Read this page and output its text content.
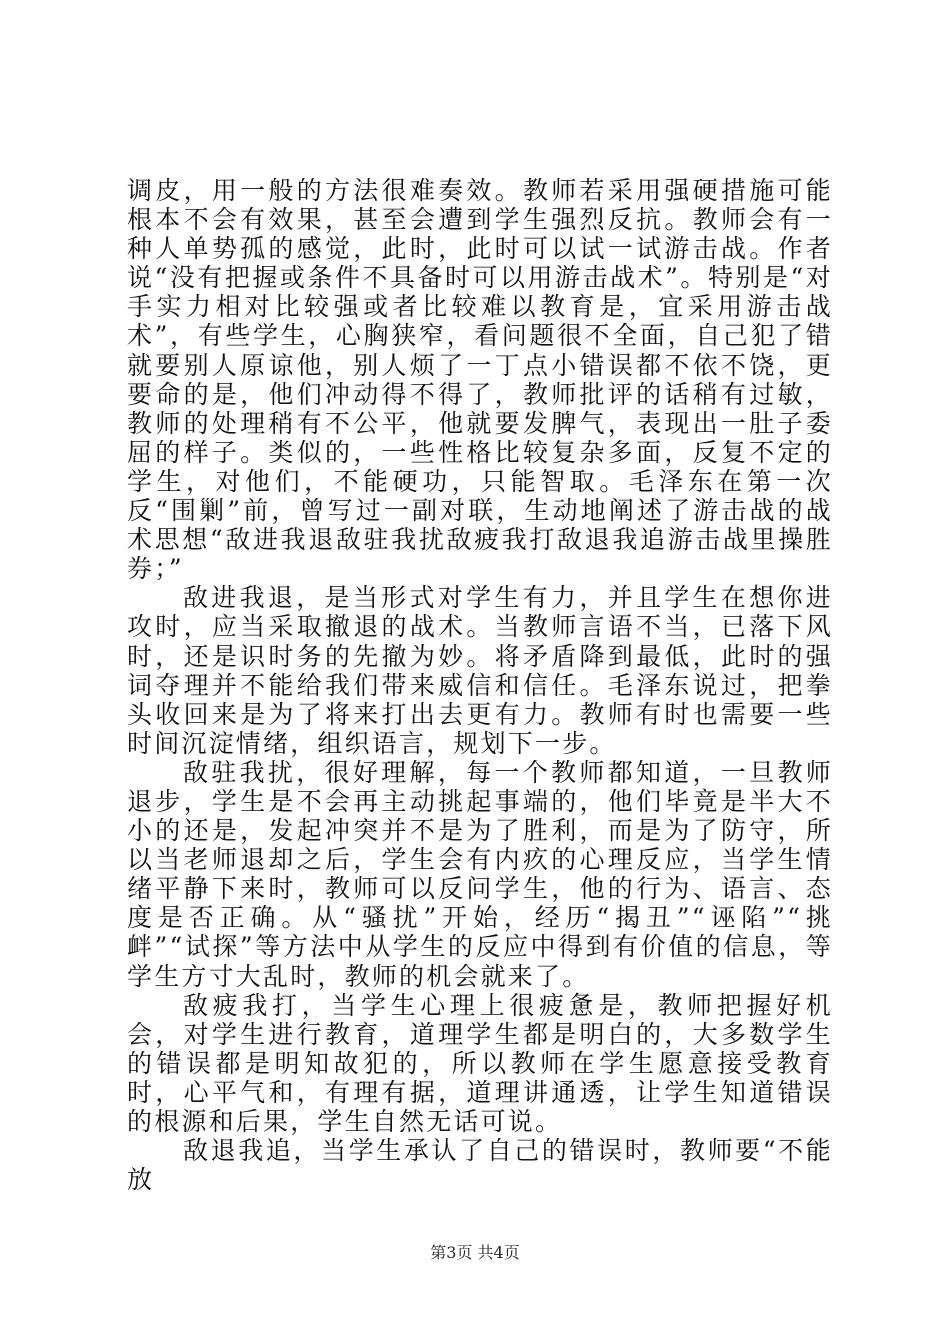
调皮，用一般的方法很难奏效。教师若采用强硬措施可能根本不会有效果，甚至会遭到学生强烈反抗。教师会有一种人单势孤的感觉，此时，此时可以试一试游击战。作者说“没有把握或条件不具备时可以用游击战术”。特别是“对手实力相对比较强或者比较难以教育是，宜采用游击战术”，有些学生，心胸狭窄，看问题很不全面，自己犯了错就要别人原谅他，别人烦了一丁点小错误都不依不饶，更要命的是，他们冲动得不得了，教师批评的话稍有过敏，教师的处理稍有不公平，他就要发脾气，表现出一肚子委屈的样子。类似的，一些性格比较复杂多面，反复不定的学生，对他们，不能硬功，只能智取。毛泽东在第一次反“围剿”前，曾写过一副对联，生动地阐述了游击战的战术思想“敌进我退敌驻我扰敌疲我打敌退我追游击战里操胜券；”

敌进我退，是当形式对学生有力，并且学生在想你进攻时，应当采取撤退的战术。当教师言语不当，已落下风时，还是识时务的先撤为妙。将矛盾降到最低，此时的强词夺理并不能给我们带来威信和信任。毛泽东说过，把拳头收回来是为了将来打出去更有力。教师有时也需要一些时间沉淀情绪，组织语言，规划下一步。

敌驻我扰，很好理解，每一个教师都知道，一旦教师退步，学生是不会再主动挑起事端的，他们毕竟是半大不小的还是，发起冲突并不是为了胜利，而是为了防守，所以当老师退却之后，学生会有内疚的心理反应，当学生情绪平静下来时，教师可以反问学生，他的行为、语言、态度是否正确。从“骚扰”开始，经历“揭丑”“诬陷”“挑衅”“试探”等方法中从学生的反应中得到有价值的信息，等学生方寸大乱时，教师的机会就来了。

敌疲我打，当学生心理上很疲惫是，教师把握好机会，对学生进行教育，道理学生都是明白的，大多数学生的错误都是明知故犯的，所以教师在学生愿意接受教育时，心平气和，有理有据，道理讲通透，让学生知道错误的根源和后果，学生自然无话可说。

敌退我追，当学生承认了自己的错误时，教师要“不能放

第3页 共4页
